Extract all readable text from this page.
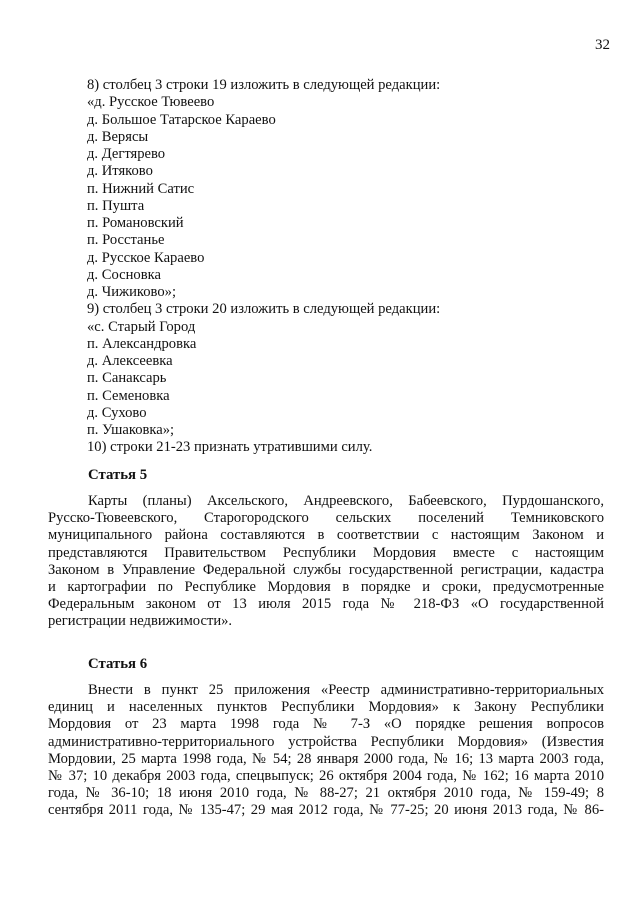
32
8) столбец 3 строки 19 изложить в следующей редакции:
«д. Русское Тювеево
д. Большое Татарское Караево
д. Верясы
д. Дегтярево
д. Итяково
п. Нижний Сатис
п. Пушта
п. Романовский
п. Росстанье
д. Русское Караево
д. Сосновка
д. Чижиково»;
9) столбец 3 строки 20 изложить в следующей редакции:
«с. Старый Город
п. Александровка
д. Алексеевка
п. Санаксарь
п. Семеновка
д. Сухово
п. Ушаковка»;
10) строки 21-23 признать утратившими силу.
Статья 5
Карты (планы) Аксельского, Андреевского, Бабеевского, Пурдошанского,
Русско-Тювеевского, Старогородского сельских поселений Темниковского
муниципального района составляются в соответствии с настоящим Законом и
представляются Правительством Республики Мордовия вместе с настоящим
Законом в Управление Федеральной службы государственной регистрации, кадастра
и картографии по Республике Мордовия в порядке и сроки, предусмотренные
Федеральным законом от 13 июля 2015 года № 218-ФЗ «О государственной
регистрации недвижимости».
Статья 6
Внести в пункт 25 приложения «Реестр административно-территориальных
единиц и населенных пунктов Республики Мордовия» к Закону Республики
Мордовия от 23 марта 1998 года № 7-З «О порядке решения вопросов
административно-территориального устройства Республики Мордовия» (Известия
Мордовии, 25 марта 1998 года, № 54; 28 января 2000 года, № 16; 13 марта 2003 года,
№ 37; 10 декабря 2003 года, спецвыпуск; 26 октября 2004 года, № 162; 16 марта 2010
года, № 36-10; 18 июня 2010 года, № 88-27; 21 октября 2010 года, № 159-49; 8
сентября 2011 года, № 135-47; 29 мая 2012 года, № 77-25; 20 июня 2013 года, № 86-
